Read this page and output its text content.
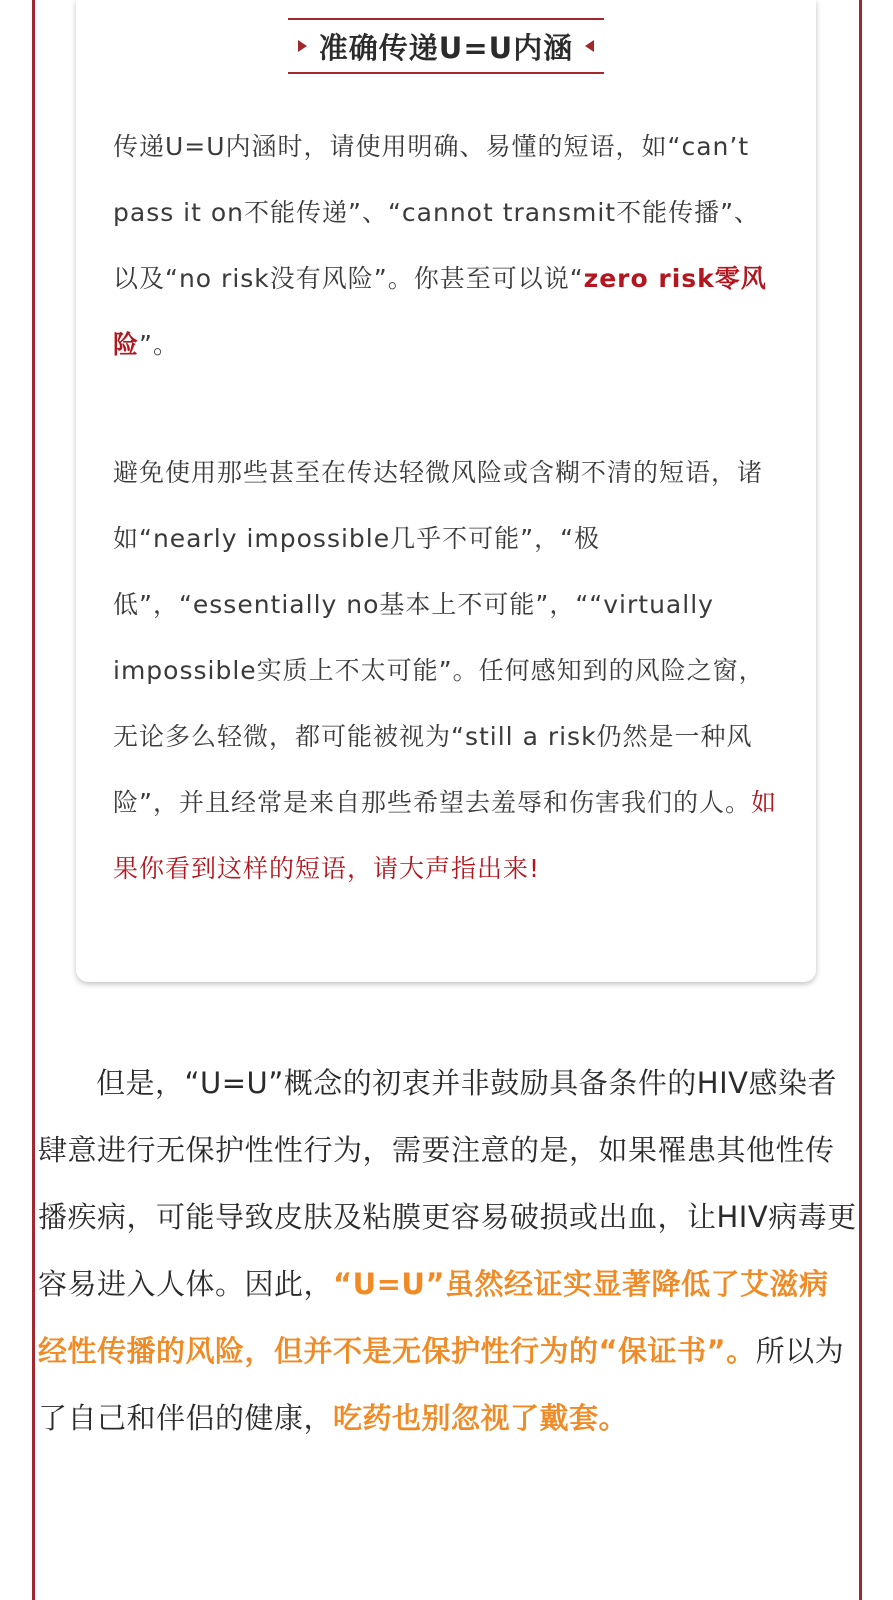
准确传递U=U内涵

传递U=U内涵时，请使用明确、易懂的短语，如“can’t pass it on不能传递”、“cannot transmit不能传播”、以及“no risk没有风险”。你甚至可以说“zero risk零风险”。

避免使用那些甚至在传达轻微风险或含糊不清的短语，诸如“nearly impossible几乎不可能”，“极低”，“essentially no基本上不可能”，““virtually impossible实质上不太可能”。任何感知到的风险之窗，无论多么轻微，都可能被视为“still a risk仍然是一种风险”，并且经常是来自那些希望去羞辱和伤害我们的人。如果你看到这样的短语，请大声指出来!

但是，“U=U”概念的初衷并非鼓励具备条件的HIV感染者肆意进行无保护性性行为，需要注意的是，如果罹患其他性传播疾病，可能导致皮肤及粘膜更容易破损或出血，让HIV病毒更容易进入人体。因此，“U=U”虽然经证实显著降低了艾滋病经性传播的风险，但并不是无保护性行为的“保证书”。所以为了自己和伴侣的健康，吃药也别忽视了戴套。
